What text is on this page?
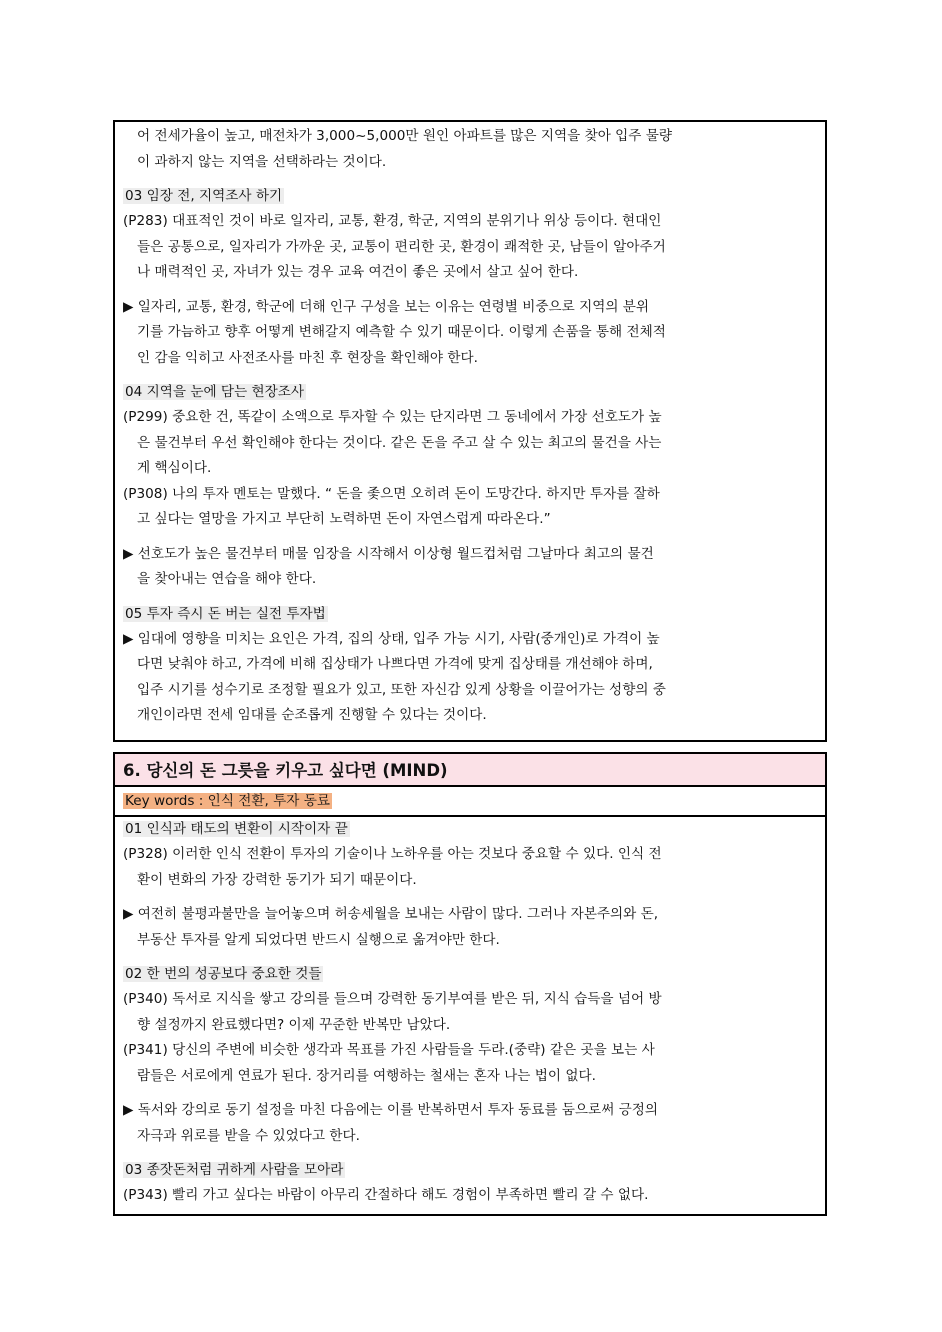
어 전세가율이 높고, 매전차가 3,000~5,000만 원인 아파트를 많은 지역을 찾아 입주 물량

이 과하지 않는 지역을 선택하라는 것이다.

03 임장 전, 지역조사 하기

(P283) 대표적인 것이 바로 일자리, 교통, 환경, 학군, 지역의 분위기나 위상 등이다. 현대인

들은 공통으로, 일자리가 가까운 곳, 교통이 편리한 곳, 환경이 쾌적한 곳, 남들이 알아주거

나 매력적인 곳, 자녀가 있는 경우 교육 여건이 좋은 곳에서 살고 싶어 한다.

▶ 일자리, 교통, 환경, 학군에 더해 인구 구성을 보는 이유는 연령별 비중으로 지역의 분위

기를 가늠하고 향후 어떻게 변해갈지 예측할 수 있기 때문이다. 이렇게 손품을 통해 전체적

인 감을 익히고 사전조사를 마친 후 현장을 확인해야 한다.

04 지역을 눈에 담는 현장조사

(P299) 중요한 건, 똑같이 소액으로 투자할 수 있는 단지라면 그 동네에서 가장 선호도가 높

은 물건부터 우선 확인해야 한다는 것이다. 같은 돈을 주고 살 수 있는 최고의 물건을 사는

게 핵심이다.

(P308) 나의 투자 멘토는 말했다. “ 돈을 좇으면 오히려 돈이 도망간다. 하지만 투자를 잘하

고 싶다는 열망을 가지고 부단히 노력하면 돈이 자연스럽게 따라온다.”

▶ 선호도가 높은 물건부터 매물 임장을 시작해서 이상형 월드컵처럼 그날마다 최고의 물건

을 찾아내는 연습을 해야 한다.

05 투자 즉시 돈 버는 실전 투자법

▶ 임대에 영향을 미치는 요인은 가격, 집의 상태, 입주 가능 시기, 사람(중개인)로 가격이 높

다면 낮춰야 하고, 가격에 비해 집상태가 나쁘다면 가격에 맞게 집상태를 개선해야 하며,

입주 시기를 성수기로 조정할 필요가 있고, 또한 자신감 있게 상황을 이끌어가는 성향의 중

개인이라면 전세 임대를 순조롭게 진행할 수 있다는 것이다.

6. 당신의 돈 그릇을 키우고 싶다면 (MIND)
Key words : 인식 전환, 투자 동료

01 인식과 태도의 변환이 시작이자 끝

(P328) 이러한 인식 전환이 투자의 기술이나 노하우를 아는 것보다 중요할 수 있다. 인식 전

환이 변화의 가장 강력한 동기가 되기 때문이다.

▶ 여전히 불평과불만을 늘어놓으며 허송세월을 보내는 사람이 많다. 그러나 자본주의와 돈,

부동산 투자를 알게 되었다면 반드시 실행으로 옮겨야만 한다.

02 한 번의 성공보다 중요한 것들

(P340) 독서로 지식을 쌓고 강의를 들으며 강력한 동기부여를 받은 뒤, 지식 습득을 넘어 방

향 설정까지 완료했다면? 이제 꾸준한 반복만 남았다.

(P341) 당신의 주변에 비슷한 생각과 목표를 가진 사람들을 두라.(중략) 같은 곳을 보는 사

람들은 서로에게 연료가 된다. 장거리를 여행하는 철새는 혼자 나는 법이 없다.

▶ 독서와 강의로 동기 설정을 마친 다음에는 이를 반복하면서 투자 동료를 둠으로써 긍정의

자극과 위로를 받을 수 있었다고 한다.

03 종잣돈처럼 귀하게 사람을 모아라

(P343) 빨리 가고 싶다는 바람이 아무리 간절하다 해도 경험이 부족하면 빨리 갈 수 없다.
